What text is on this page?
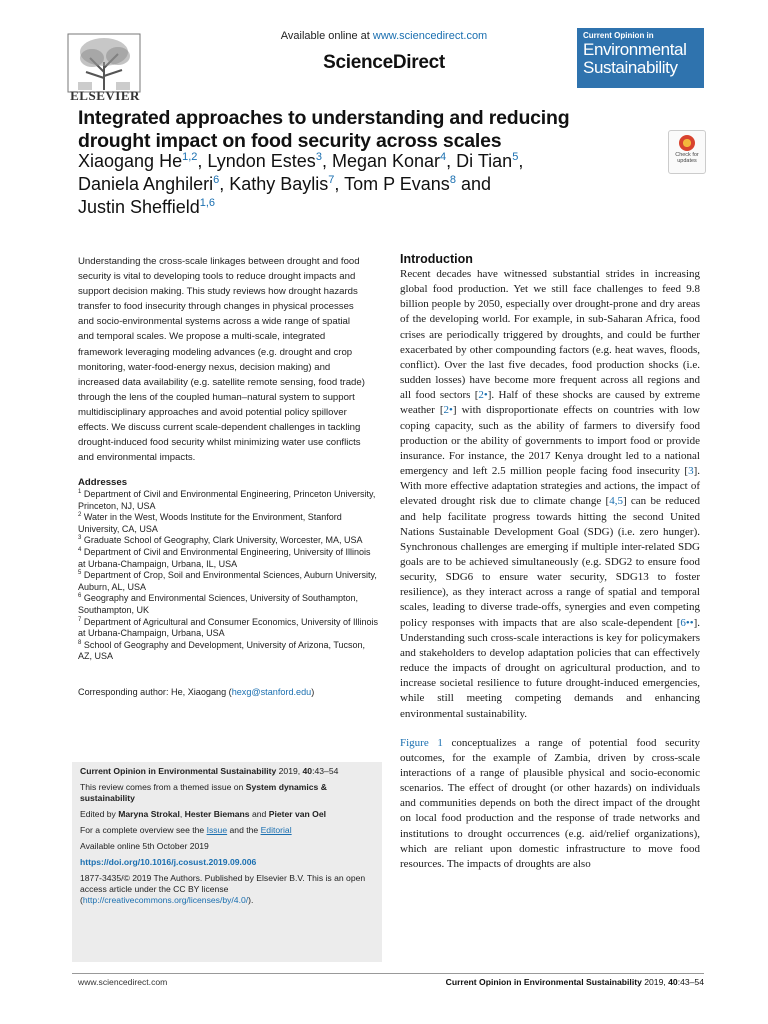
ELSEVIER
Available online at www.sciencedirect.com
ScienceDirect
Current Opinion in
Environmental
Sustainability
Check for updates
Integrated approaches to understanding and reducing drought impact on food security across scales
Xiaogang He$^{1,2}$, Lyndon Estes$^3$, Megan Konar$^4$, Di Tian$^5$,
Daniela Anghileri$^6$, Kathy Baylis$^7$, Tom P Evans$^8$ and
Justin Sheffield$^{1,6}$
Understanding the cross-scale linkages between drought and food security is vital to developing tools to reduce drought impacts and support decision making. This study reviews how drought hazards transfer to food insecurity through changes in physical processes and socio-environmental systems across a wide range of spatial and temporal scales. We propose a multi-scale, integrated framework leveraging modeling advances (e.g. drought and crop monitoring, water-food-energy nexus, decision making) and increased data availability (e.g. satellite remote sensing, food trade) through the lens of the coupled human–natural system to support multidisciplinary approaches and avoid potential policy spillover effects. We discuss current scale-dependent challenges in tackling drought-induced food security whilst minimizing water use conflicts and environmental impacts.
Addresses

$^1$ Department of Civil and Environmental Engineering, Princeton University, Princeton, NJ, USA

$^2$ Water in the West, Woods Institute for the Environment, Stanford University, CA, USA

$^3$ Graduate School of Geography, Clark University, Worcester, MA, USA

$^4$ Department of Civil and Environmental Engineering, University of Illinois at Urbana-Champaign, Urbana, IL, USA

$^5$ Department of Crop, Soil and Environmental Sciences, Auburn University, Auburn, AL, USA

$^6$ Geography and Environmental Sciences, University of Southampton, Southampton, UK

$^7$ Department of Agricultural and Consumer Economics, University of Illinois at Urbana-Champaign, Urbana, USA

$^8$ School of Geography and Development, University of Arizona, Tucson, AZ, USA

Corresponding author: He, Xiaogang (hexg@stanford.edu)

Current Opinion in Environmental Sustainability 2019, 40:43–54

This review comes from a themed issue on System dynamics & sustainability

Edited by Maryna Strokal, Hester Biemans and Pieter van Oel

For a complete overview see the Issue and the Editorial

Available online 5th October 2019

https://doi.org/10.1016/j.cosust.2019.09.006

1877-3435/© 2019 The Authors. Published by Elsevier B.V. This is an open access article under the CC BY license (http://creativecommons.org/licenses/by/4.0/).

Introduction

Recent decades have witnessed substantial strides in increasing global food production. Yet we still face challenges to feed 9.8 billion people by 2050, especially over drought-prone and dry areas of the developing world. For example, in sub-Saharan Africa, food crises are periodically triggered by droughts, and could be further exacerbated by other compounding factors (e.g. heat waves, floods, conflict). Over the last five decades, food production shocks (i.e. sudden losses) have become more frequent across all regions and all food sectors [2•]. Half of these shocks are caused by extreme weather [2•] with disproportionate effects on countries with low coping capacity, such as the ability of farmers to diversify food production or the ability of governments to import food or provide insurance. For instance, the 2017 Kenya drought led to a national emergency and left 2.5 million people facing food insecurity [3]. With more effective adaptation strategies and actions, the impact of elevated drought risk due to climate change [4,5] can be reduced and help facilitate progress towards hitting the second United Nations Sustainable Development Goal (SDG) (i.e. zero hunger). Synchronous challenges are emerging if multiple inter-related SDG goals are to be achieved simultaneously (e.g. SDG2 to ensure food security, SDG6 to ensure water security, SDG13 to foster resilience), as they interact across a range of spatial and temporal scales, leading to diverse trade-offs, synergies and even competing policy responses with impacts that are also scale-dependent [6••]. Understanding such cross-scale interactions is key for policymakers and stakeholders to develop adaptation policies that can effectively reduce the impacts of drought on agricultural production, and to increase societal resilience to future drought-induced emergencies, while still meeting competing demands and enhancing environmental sustainability.

Figure 1 conceptualizes a range of potential food security outcomes, for the example of Zambia, driven by cross-scale interactions of a range of plausible physical and socio-economic scenarios. The effect of drought (or other hazards) on individuals and communities depends on both the direct impact of the drought on local food production and the response of trade networks and institutions to drought occurrences (e.g. aid/relief organizations), which are reliant upon domestic infrastructure to move food resources. The impacts of droughts are also

www.sciencedirect.com	Current Opinion in Environmental Sustainability 2019, 40:43–54
